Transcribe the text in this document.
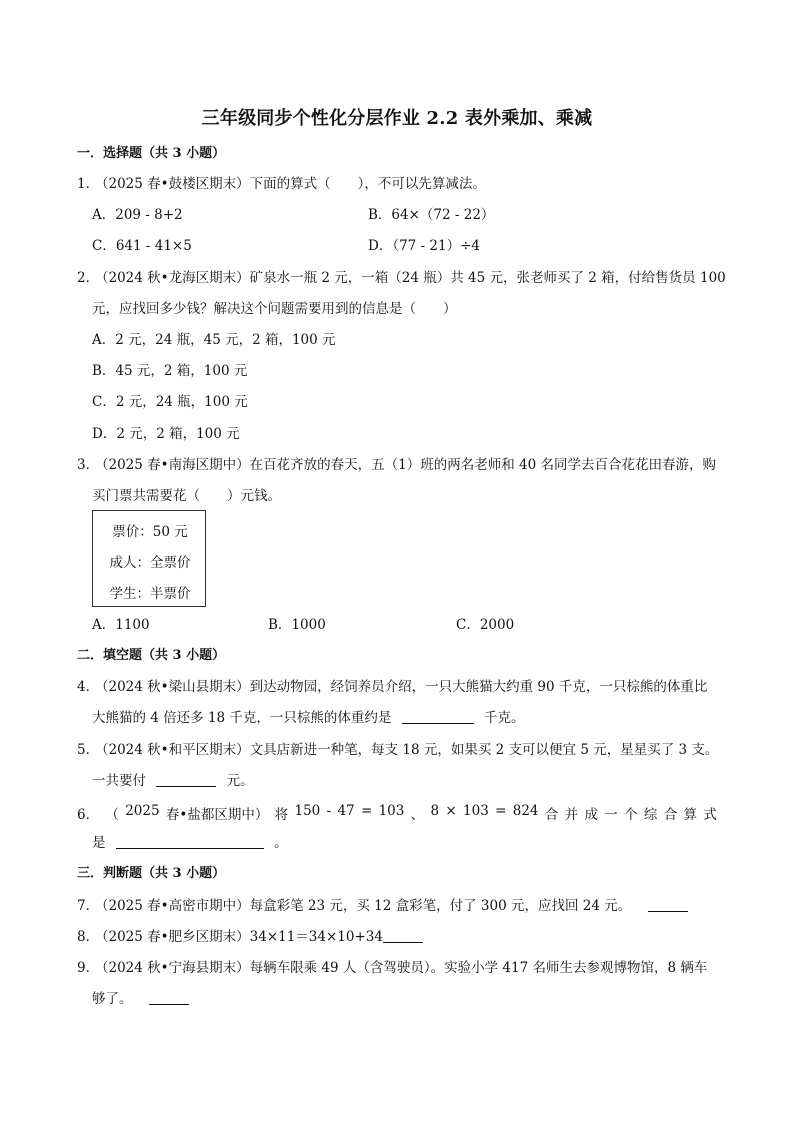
三年级同步个性化分层作业 2.2 表外乘加、乘减
一．选择题（共 3 小题）
1．（2025 春•鼓楼区期末）下面的算式（　　），不可以先算减法。
A．209 - 8+2	B．64×（72 - 22）
C．641 - 41×5	D．（77 - 21）÷4
2．（2024 秋•龙海区期末）矿泉水一瓶 2 元，一箱（24 瓶）共 45 元，张老师买了 2 箱，付给售货员 100
元，应找回多少钱？解决这个问题需要用到的信息是（　　）
A．2 元，24 瓶，45 元，2 箱，100 元
B．45 元，2 箱，100 元
C．2 元，24 瓶，100 元
D．2 元，2 箱，100 元
3．（2025 春•南海区期中）在百花齐放的春天，五（1）班的两名老师和 40 名同学去百合花花田春游，购
买门票共需要花（　　）元钱。
票价：50 元
成人：全票价
学生：半票价
A．1100	B．1000	C．2000
二．填空题（共 3 小题）
4．（2024 秋•梁山县期末）到达动物园，经饲养员介绍，一只大熊猫大约重 90 千克，一只棕熊的体重比
大熊猫的 4 倍还多 18 千克，一只棕熊的体重约是	千克。
5．（2024 秋•和平区期末）文具店新进一种笔，每支 18 元，如果买 2 支可以便宜 5 元，星星买了 3 支。
一共要付	元。
6． （ 2025 春•盐都区期中） 将 150 - 47 = 103 、 8 × 103 = 824 合 并 成 一 个 综 合 算 式
是	。
三．判断题（共 3 小题）
7．（2025 春•高密市期中）每盒彩笔 23 元，买 12 盒彩笔，付了 300 元，应找回 24 元。
8．（2025 春•肥乡区期末）34×11＝34×10+34
9．（2024 秋•宁海县期末）每辆车限乘 49 人（含驾驶员）。实验小学 417 名师生去参观博物馆，8 辆车
够了。
